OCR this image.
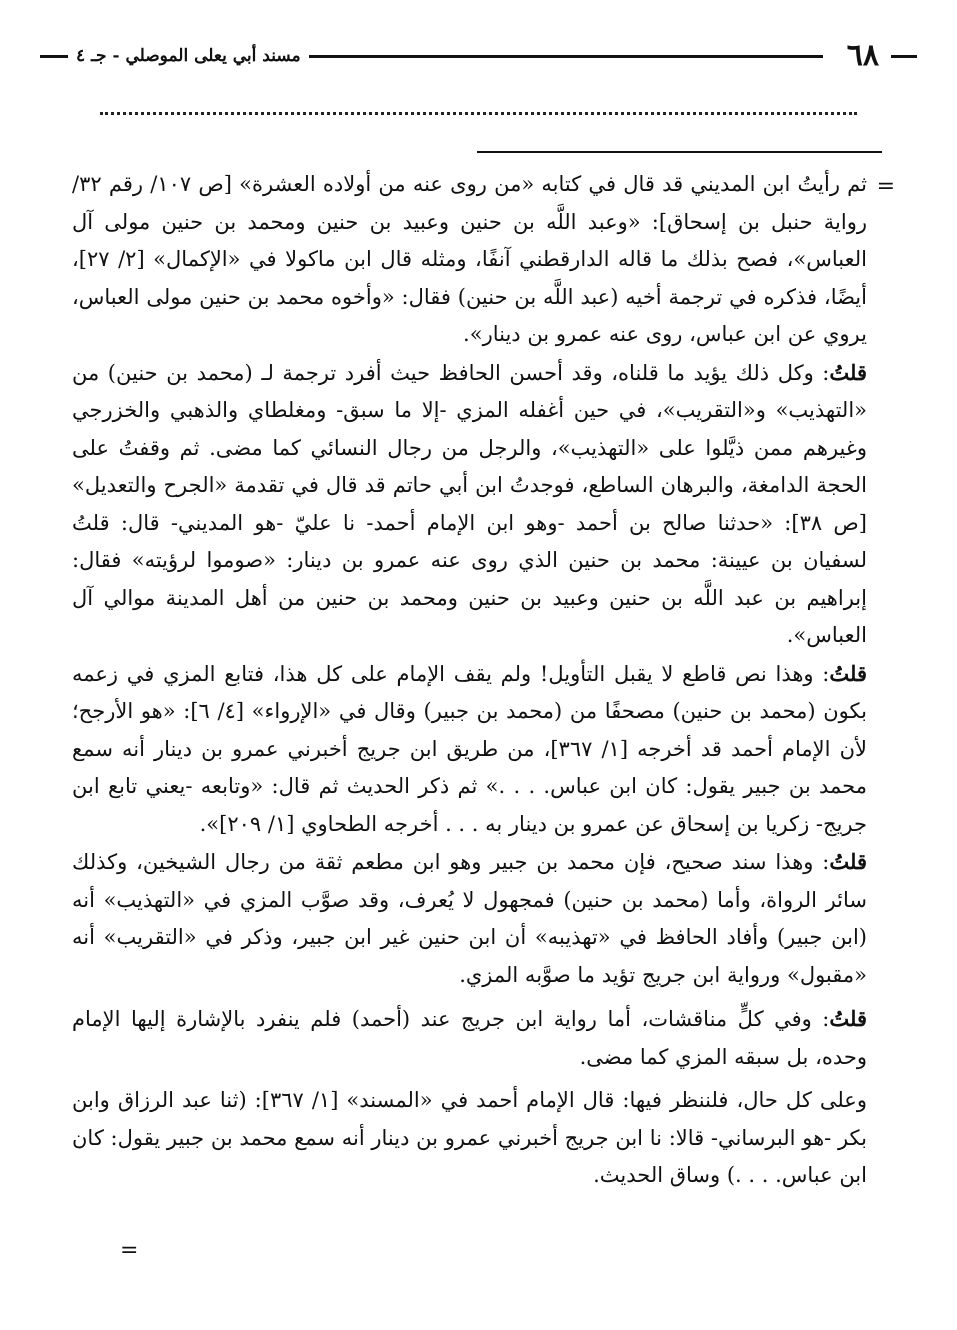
٦٨
مسند أبي يعلى الموصلي - جـ ٤
=

ثم رأيتُ ابن المديني قد قال في كتابه «من روى عنه من أولاده العشرة» [ص ١٠٧/ رقم ٣٢/ رواية حنبل بن إسحاق]: «وعبد اللَّه بن حنين وعبيد بن حنين ومحمد بن حنين مولى آل العباس»، فصح بذلك ما قاله الدارقطني آنفًا، ومثله قال ابن ماكولا في «الإكمال» [٢/ ٢٧]، أيضًا، فذكره في ترجمة أخيه (عبد اللَّه بن حنين) فقال: «وأخوه محمد بن حنين مولى العباس، يروي عن ابن عباس، روى عنه عمرو بن دينار».

قلتُ: وكل ذلك يؤيد ما قلناه، وقد أحسن الحافظ حيث أفرد ترجمة لـ (محمد بن حنين) من «التهذيب» و«التقريب»، في حين أغفله المزي -إلا ما سبق- ومغلطاي والذهبي والخزرجي وغيرهم ممن ذيَّلوا على «التهذيب»، والرجل من رجال النسائي كما مضى. ثم وقفتُ على الحجة الدامغة، والبرهان الساطع، فوجدتُ ابن أبي حاتم قد قال في تقدمة «الجرح والتعديل» [ص ٣٨]: «حدثنا صالح بن أحمد -وهو ابن الإمام أحمد- نا عليّ -هو المديني- قال: قلتُ لسفيان بن عيينة: محمد بن حنين الذي روى عنه عمرو بن دينار: «صوموا لرؤيته» فقال: إبراهيم بن عبد اللَّه بن حنين وعبيد بن حنين ومحمد بن حنين من أهل المدينة موالي آل العباس».

قلتُ: وهذا نص قاطع لا يقبل التأويل! ولم يقف الإمام على كل هذا، فتابع المزي في زعمه بكون (محمد بن حنين) مصحفًا من (محمد بن جبير) وقال في «الإرواء» [٤/ ٦]: «هو الأرجح؛ لأن الإمام أحمد قد أخرجه [١/ ٣٦٧]، من طريق ابن جريج أخبرني عمرو بن دينار أنه سمع محمد بن جبير يقول: كان ابن عباس. . . .» ثم ذكر الحديث ثم قال: «وتابعه -يعني تابع ابن جريج- زكريا بن إسحاق عن عمرو بن دينار به . . . أخرجه الطحاوي [١/ ٢٠٩]».

قلتُ: وهذا سند صحيح، فإن محمد بن جبير وهو ابن مطعم ثقة من رجال الشيخين، وكذلك سائر الرواة، وأما (محمد بن حنين) فمجهول لا يُعرف، وقد صوَّب المزي في «التهذيب» أنه (ابن جبير) وأفاد الحافظ في «تهذيبه» أن ابن حنين غير ابن جبير، وذكر في «التقريب» أنه «مقبول» ورواية ابن جريج تؤيد ما صوَّبه المزي.

قلتُ: وفي كلٍّ مناقشات، أما رواية ابن جريج عند (أحمد) فلم ينفرد بالإشارة إليها الإمام وحده، بل سبقه المزي كما مضى.

وعلى كل حال، فلننظر فيها: قال الإمام أحمد في «المسند» [١/ ٣٦٧]: (ثنا عبد الرزاق وابن بكر -هو البرساني- قالا: نا ابن جريج أخبرني عمرو بن دينار أنه سمع محمد بن جبير يقول: كان ابن عباس. . . .) وساق الحديث.

=
